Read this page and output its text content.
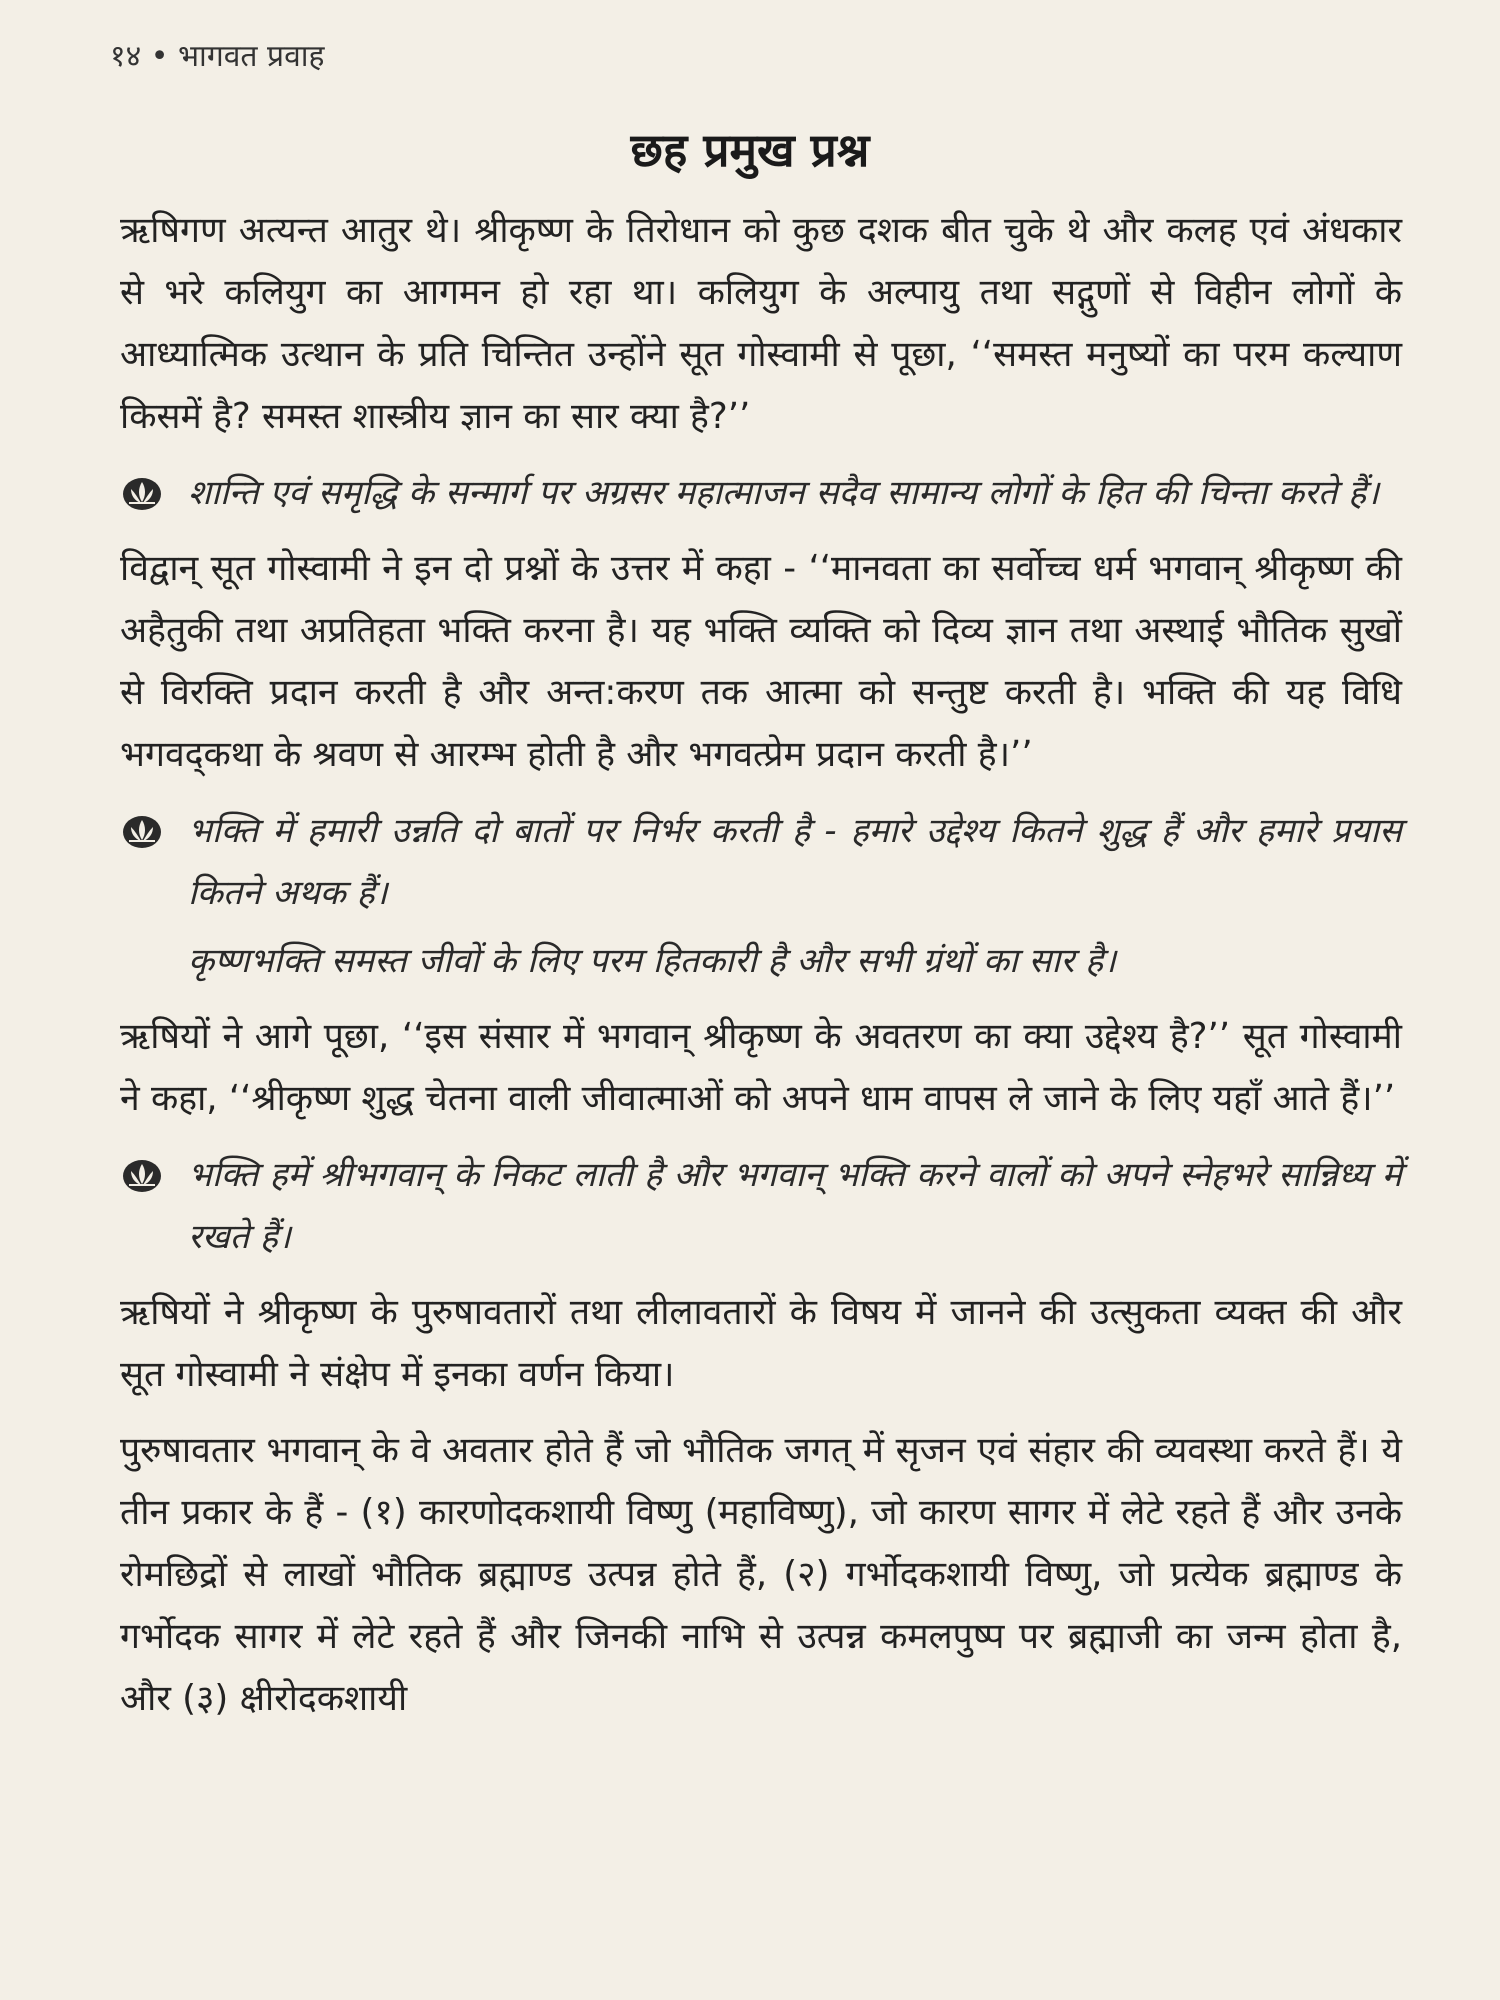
१४ • भागवत प्रवाह
छह प्रमुख प्रश्न

ऋषिगण अत्यन्त आतुर थे। श्रीकृष्ण के तिरोधान को कुछ दशक बीत चुके थे और कलह एवं अंधकार से भरे कलियुग का आगमन हो रहा था। कलियुग के अल्पायु तथा सद्गुणों से विहीन लोगों के आध्यात्मिक उत्थान के प्रति चिन्तित उन्होंने सूत गोस्वामी से पूछा, ‘‘समस्त मनुष्यों का परम कल्याण किसमें है? समस्त शास्त्रीय ज्ञान का सार क्या है?’’

शान्ति एवं समृद्धि के सन्मार्ग पर अग्रसर महात्माजन सदैव सामान्य लोगों के हित की चिन्ता करते हैं।

विद्वान् सूत गोस्वामी ने इन दो प्रश्नों के उत्तर में कहा - ‘‘मानवता का सर्वोच्च धर्म भगवान् श्रीकृष्ण की अहैतुकी तथा अप्रतिहता भक्ति करना है। यह भक्ति व्यक्ति को दिव्य ज्ञान तथा अस्थाई भौतिक सुखों से विरक्ति प्रदान करती है और अन्त:करण तक आत्मा को सन्तुष्ट करती है। भक्ति की यह विधि भगवद्कथा के श्रवण से आरम्भ होती है और भगवत्प्रेम प्रदान करती है।’’

भक्ति में हमारी उन्नति दो बातों पर निर्भर करती है - हमारे उद्देश्य कितने शुद्ध हैं और हमारे प्रयास कितने अथक हैं।
कृष्णभक्ति समस्त जीवों के लिए परम हितकारी है और सभी ग्रंथों का सार है।

ऋषियों ने आगे पूछा, ‘‘इस संसार में भगवान् श्रीकृष्ण के अवतरण का क्या उद्देश्य है?’’ सूत गोस्वामी ने कहा, ‘‘श्रीकृष्ण शुद्ध चेतना वाली जीवात्माओं को अपने धाम वापस ले जाने के लिए यहाँ आते हैं।’’

भक्ति हमें श्रीभगवान् के निकट लाती है और भगवान् भक्ति करने वालों को अपने स्नेहभरे सान्निध्य में रखते हैं।

ऋषियों ने श्रीकृष्ण के पुरुषावतारों तथा लीलावतारों के विषय में जानने की उत्सुकता व्यक्त की और सूत गोस्वामी ने संक्षेप में इनका वर्णन किया।

पुरुषावतार भगवान् के वे अवतार होते हैं जो भौतिक जगत् में सृजन एवं संहार की व्यवस्था करते हैं। ये तीन प्रकार के हैं - (१) कारणोदकशायी विष्णु (महाविष्णु), जो कारण सागर में लेटे रहते हैं और उनके रोमछिद्रों से लाखों भौतिक ब्रह्माण्ड उत्पन्न होते हैं, (२) गर्भोदकशायी विष्णु, जो प्रत्येक ब्रह्माण्ड के गर्भोदक सागर में लेटे रहते हैं और जिनकी नाभि से उत्पन्न कमलपुष्प पर ब्रह्माजी का जन्म होता है, और (३) क्षीरोदकशायी
